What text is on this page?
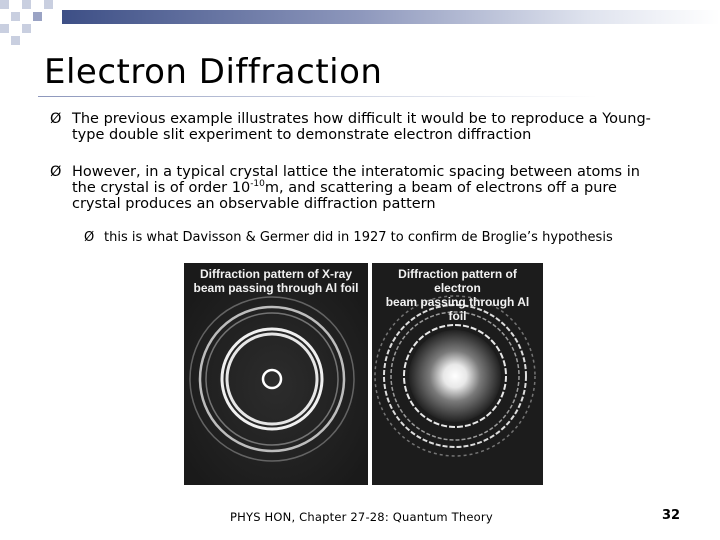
Electron Diffraction
Ø The previous example illustrates how difficult it would be to reproduce a Young-
type double slit experiment to demonstrate electron diffraction
Ø However, in a typical crystal lattice the interatomic spacing between atoms in
the crystal is of order $10^{-10}m$, and scattering a beam of electrons off a pure
crystal produces an observable diffraction pattern
Ø this is what Davisson & Germer did in 1927 to confirm de Broglie’s hypothesis
Diffraction pattern of X-ray
beam passing through Al foil
Diffraction pattern of electron
beam passing through Al foil
PHYS HON, Chapter 27-28: Quantum Theory	32
